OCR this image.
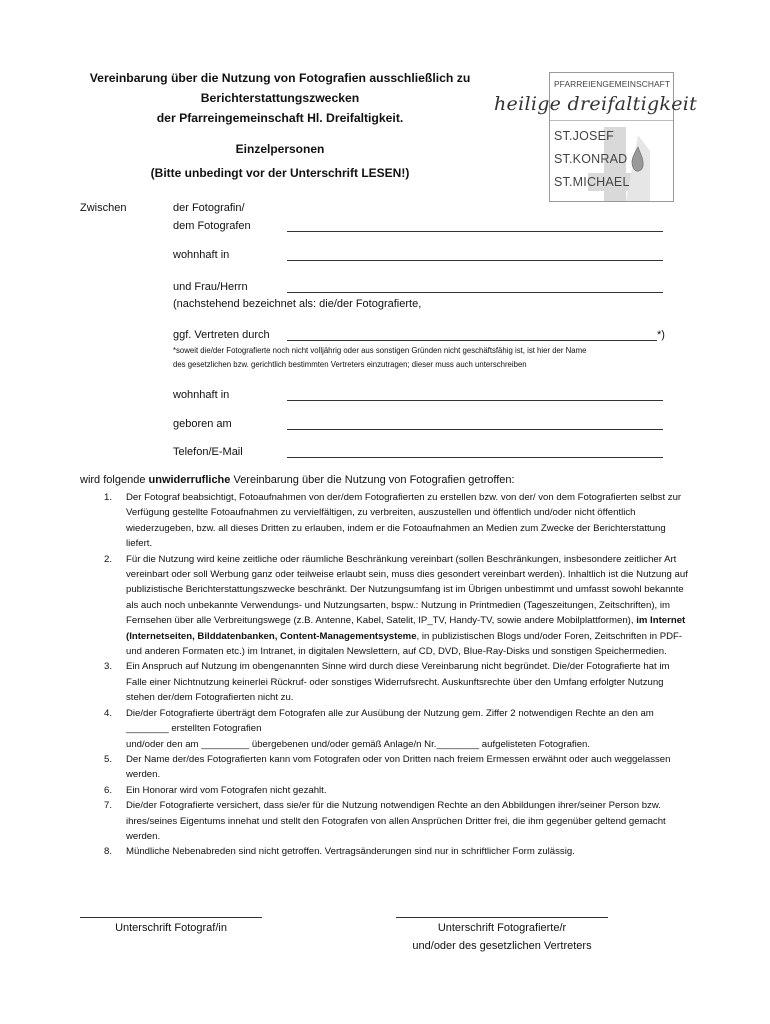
Vereinbarung über die Nutzung von Fotografien ausschließlich zu
Berichterstattungszwecken
der Pfarreingemeinschaft Hl. Dreifaltigkeit.
Einzelpersonen
(Bitte unbedingt vor der Unterschrift LESEN!)
PFARREIENGEMEINSCHAFT
heilige dreifaltigkeit
ST.JOSEF
ST.KONRAD
ST.MICHAEL
Zwischen	der Fotografin/
dem Fotografen
wohnhaft in
und Frau/Herrn
(nachstehend bezeichnet als: die/der Fotografierte,
ggf. Vertreten durch	*)
*soweit die/der Fotografierte noch nicht volljährig oder aus sonstigen Gründen nicht geschäftsfähig ist, ist hier der Name
des gesetzlichen bzw. gerichtlich bestimmten Vertreters einzutragen; dieser muss auch unterschreiben
wohnhaft in
geboren am
Telefon/E-Mail
wird folgende unwiderrufliche Vereinbarung über die Nutzung von Fotografien getroffen:
1. Der Fotograf beabsichtigt, Fotoaufnahmen von der/dem Fotografierten zu erstellen bzw. von der/ von dem Fotografierten selbst zur Verfügung gestellte Fotoaufnahmen zu vervielfältigen, zu verbreiten, auszustellen und öffentlich und/oder nicht öffentlich wiederzugeben, bzw. all dieses Dritten zu erlauben, indem er die Fotoaufnahmen an Medien zum Zwecke der Berichterstattung liefert.
2. Für die Nutzung wird keine zeitliche oder räumliche Beschränkung vereinbart (sollen Beschränkungen, insbesondere zeitlicher Art vereinbart oder soll Werbung ganz oder teilweise erlaubt sein, muss dies gesondert vereinbart werden). Inhaltlich ist die Nutzung auf publizistische Berichterstattungszwecke beschränkt. Der Nutzungsumfang ist im Übrigen unbestimmt und umfasst sowohl bekannte als auch noch unbekannte Verwendungs- und Nutzungsarten, bspw.: Nutzung in Printmedien (Tageszeitungen, Zeitschriften), im Fernsehen über alle Verbreitungswege (z.B. Antenne, Kabel, Satelit, IP_TV, Handy-TV, sowie andere Mobilplattformen), im Internet (Internetseiten, Bilddatenbanken, Content-Managementsysteme, in publizistischen Blogs und/oder Foren, Zeitschriften in PDF- und anderen Formaten etc.) im Intranet, in digitalen Newslettern, auf CD, DVD, Blue-Ray-Disks und sonstigen Speichermedien.
3. Ein Anspruch auf Nutzung im obengenannten Sinne wird durch diese Vereinbarung nicht begründet. Die/der Fotografierte hat im Falle einer Nichtnutzung keinerlei Rückruf- oder sonstiges Widerrufsrecht. Auskunftsrechte über den Umfang erfolgter Nutzung stehen der/dem Fotografierten nicht zu.
4. Die/der Fotografierte überträgt dem Fotografen alle zur Ausübung der Nutzung gem. Ziffer 2 notwendigen Rechte an den am ________ erstellten Fotografien
und/oder den am _________ übergebenen und/oder gemäß Anlage/n Nr.________ aufgelisteten Fotografien.
5. Der Name der/des Fotografierten kann vom Fotografen oder von Dritten nach freiem Ermessen erwähnt oder auch weggelassen werden.
6. Ein Honorar wird vom Fotografen nicht gezahlt.
7. Die/der Fotografierte versichert, dass sie/er für die Nutzung notwendigen Rechte an den Abbildungen ihrer/seiner Person bzw. ihres/seines Eigentums innehat und stellt den Fotografen von allen Ansprüchen Dritter frei, die ihm gegenüber geltend gemacht werden.
8. Mündliche Nebenabreden sind nicht getroffen. Vertragsänderungen sind nur in schriftlicher Form zulässig.
Unterschrift Fotograf/in	Unterschrift Fotografierte/r
und/oder des gesetzlichen Vertreters
